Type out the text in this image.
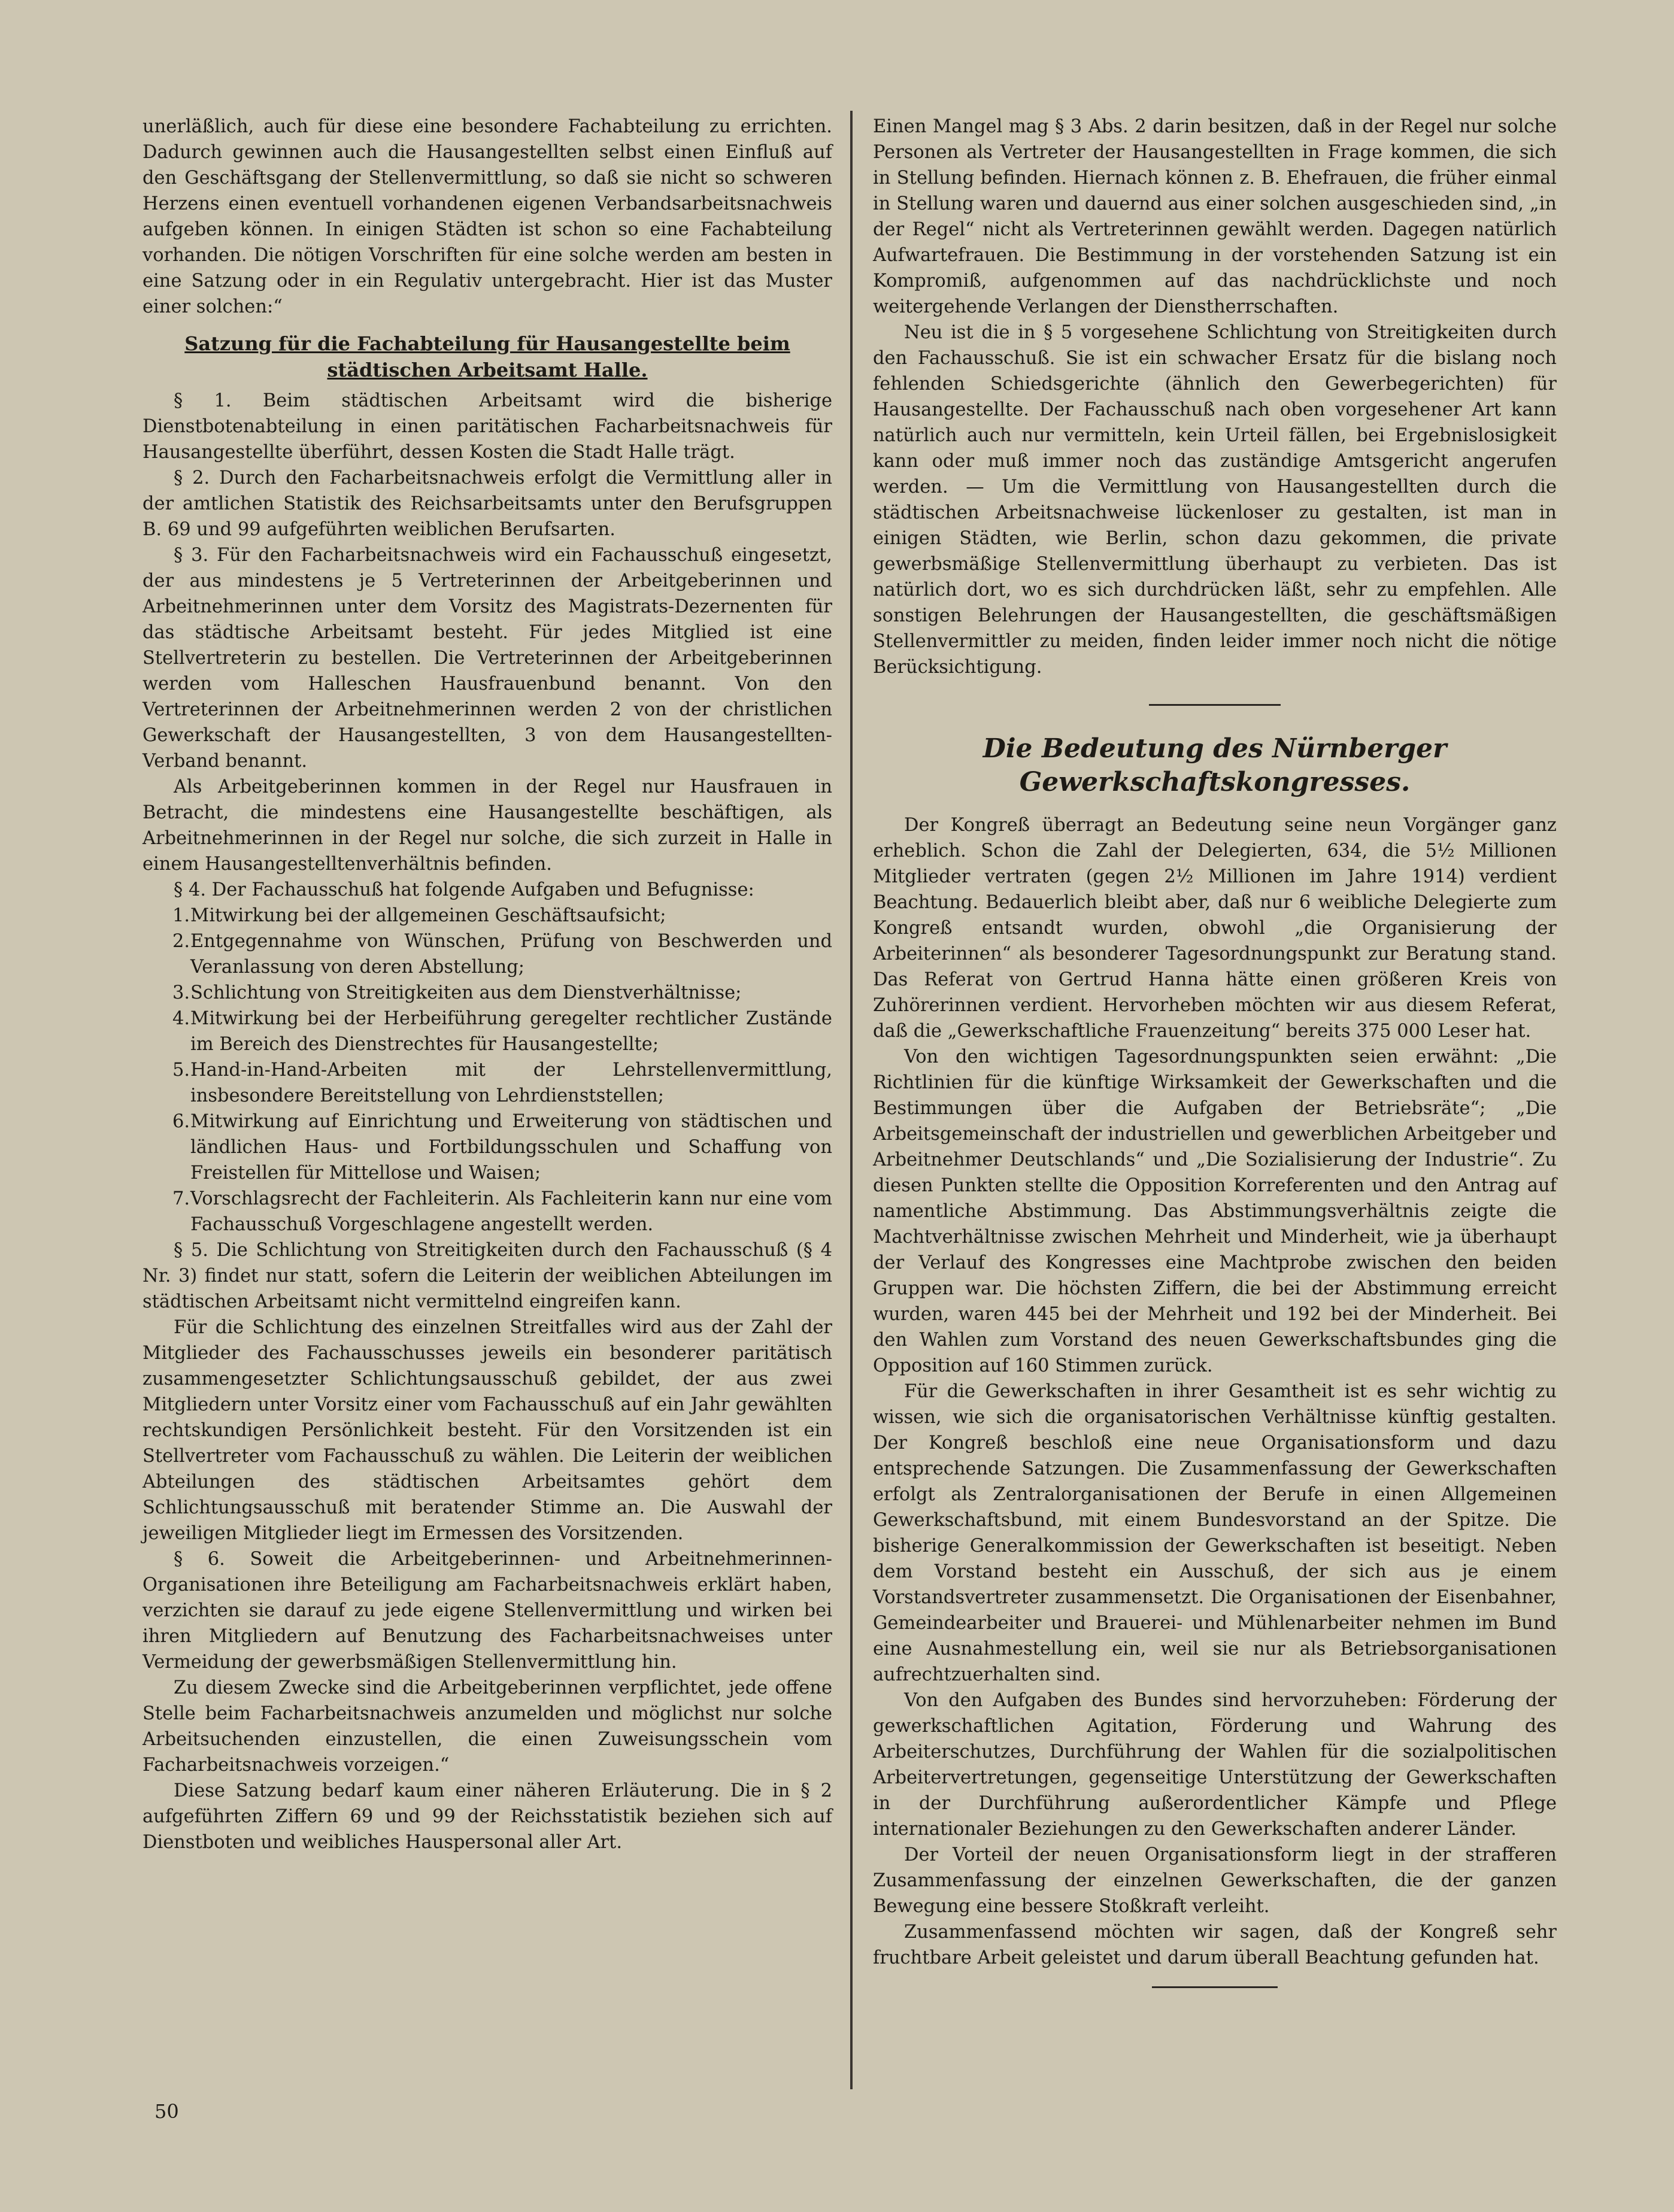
unerläßlich, auch für diese eine besondere Fachabteilung zu errichten. Dadurch gewinnen auch die Hausangestellten selbst einen Einfluß auf den Geschäftsgang der Stellenvermittlung, so daß sie nicht so schweren Herzens einen eventuell vorhandenen eigenen Verbandsarbeitsnachweis aufgeben können. In einigen Städten ist schon so eine Fachabteilung vorhanden. Die nötigen Vorschriften für eine solche werden am besten in eine Satzung oder in ein Regulativ untergebracht. Hier ist das Muster einer solchen:“

Satzung für die Fachabteilung für Hausangestellte beim städtischen Arbeitsamt Halle.

§ 1. Beim städtischen Arbeitsamt wird die bisherige Dienstbotenabteilung in einen paritätischen Facharbeitsnachweis für Hausangestellte überführt, dessen Kosten die Stadt Halle trägt.

§ 2. Durch den Facharbeitsnachweis erfolgt die Vermittlung aller in der amtlichen Statistik des Reichsarbeitsamts unter den Berufsgruppen B. 69 und 99 aufgeführten weiblichen Berufsarten.

§ 3. Für den Facharbeitsnachweis wird ein Fachausschuß eingesetzt, der aus mindestens je 5 Vertreterinnen der Arbeitgeberinnen und Arbeitnehmerinnen unter dem Vorsitz des Magistrats-Dezernenten für das städtische Arbeitsamt besteht. Für jedes Mitglied ist eine Stellvertreterin zu bestellen. Die Vertreterinnen der Arbeitgeberinnen werden vom Halleschen Hausfrauenbund benannt. Von den Vertreterinnen der Arbeitnehmerinnen werden 2 von der christlichen Gewerkschaft der Hausangestellten, 3 von dem Hausangestellten-Verband benannt.

Als Arbeitgeberinnen kommen in der Regel nur Hausfrauen in Betracht, die mindestens eine Hausangestellte beschäftigen, als Arbeitnehmerinnen in der Regel nur solche, die sich zurzeit in Halle in einem Hausangestelltenverhältnis befinden.

§ 4. Der Fachausschuß hat folgende Aufgaben und Befugnisse:

1. Mitwirkung bei der allgemeinen Geschäftsaufsicht;
2. Entgegennahme von Wünschen, Prüfung von Beschwerden und Veranlassung von deren Abstellung;
3. Schlichtung von Streitigkeiten aus dem Dienstverhältnisse;
4. Mitwirkung bei der Herbeiführung geregelter rechtlicher Zustände im Bereich des Dienstrechtes für Hausangestellte;
5. Hand-in-Hand-Arbeiten mit der Lehrstellenvermittlung, insbesondere Bereitstellung von Lehrdienststellen;
6. Mitwirkung auf Einrichtung und Erweiterung von städtischen und ländlichen Haus- und Fortbildungsschulen und Schaffung von Freistellen für Mittellose und Waisen;
7. Vorschlagsrecht der Fachleiterin. Als Fachleiterin kann nur eine vom Fachausschuß Vorgeschlagene angestellt werden.

§ 5. Die Schlichtung von Streitigkeiten durch den Fachausschuß (§ 4 Nr. 3) findet nur statt, sofern die Leiterin der weiblichen Abteilungen im städtischen Arbeitsamt nicht vermittelnd eingreifen kann.

Für die Schlichtung des einzelnen Streitfalles wird aus der Zahl der Mitglieder des Fachausschusses jeweils ein besonderer paritätisch zusammengesetzter Schlichtungsausschuß gebildet, der aus zwei Mitgliedern unter Vorsitz einer vom Fachausschuß auf ein Jahr gewählten rechtskundigen Persönlichkeit besteht. Für den Vorsitzenden ist ein Stellvertreter vom Fachausschuß zu wählen. Die Leiterin der weiblichen Abteilungen des städtischen Arbeitsamtes gehört dem Schlichtungsausschuß mit beratender Stimme an. Die Auswahl der jeweiligen Mitglieder liegt im Ermessen des Vorsitzenden.

§ 6. Soweit die Arbeitgeberinnen- und Arbeitnehmerinnen-Organisationen ihre Beteiligung am Facharbeitsnachweis erklärt haben, verzichten sie darauf zu jede eigene Stellenvermittlung und wirken bei ihren Mitgliedern auf Benutzung des Facharbeitsnachweises unter Vermeidung der gewerbsmäßigen Stellenvermittlung hin.

Zu diesem Zwecke sind die Arbeitgeberinnen verpflichtet, jede offene Stelle beim Facharbeitsnachweis anzumelden und möglichst nur solche Arbeitsuchenden einzustellen, die einen Zuweisungsschein vom Facharbeitsnachweis vorzeigen.“

Diese Satzung bedarf kaum einer näheren Erläuterung. Die in § 2 aufgeführten Ziffern 69 und 99 der Reichsstatistik beziehen sich auf Dienstboten und weibliches Hauspersonal aller Art.

Einen Mangel mag § 3 Abs. 2 darin besitzen, daß in der Regel nur solche Personen als Vertreter der Hausangestellten in Frage kommen, die sich in Stellung befinden. Hiernach können z. B. Ehefrauen, die früher einmal in Stellung waren und dauernd aus einer solchen ausgeschieden sind, „in der Regel“ nicht als Vertreterinnen gewählt werden. Dagegen natürlich Aufwartefrauen. Die Bestimmung in der vorstehenden Satzung ist ein Kompromiß, aufgenommen auf das nachdrücklichste und noch weitergehende Verlangen der Dienstherrschaften.

Neu ist die in § 5 vorgesehene Schlichtung von Streitigkeiten durch den Fachausschuß. Sie ist ein schwacher Ersatz für die bislang noch fehlenden Schiedsgerichte (ähnlich den Gewerbegerichten) für Hausangestellte. Der Fachausschuß nach oben vorgesehener Art kann natürlich auch nur vermitteln, kein Urteil fällen, bei Ergebnislosigkeit kann oder muß immer noch das zuständige Amtsgericht angerufen werden. — Um die Vermittlung von Hausangestellten durch die städtischen Arbeitsnachweise lückenloser zu gestalten, ist man in einigen Städten, wie Berlin, schon dazu gekommen, die private gewerbsmäßige Stellenvermittlung überhaupt zu verbieten. Das ist natürlich dort, wo es sich durchdrücken läßt, sehr zu empfehlen. Alle sonstigen Belehrungen der Hausangestellten, die geschäftsmäßigen Stellenvermittler zu meiden, finden leider immer noch nicht die nötige Berücksichtigung.

Die Bedeutung des Nürnberger Gewerkschaftskongresses.

Der Kongreß überragt an Bedeutung seine neun Vorgänger ganz erheblich. Schon die Zahl der Delegierten, 634, die 5½ Millionen Mitglieder vertraten (gegen 2½ Millionen im Jahre 1914) verdient Beachtung. Bedauerlich bleibt aber, daß nur 6 weibliche Delegierte zum Kongreß entsandt wurden, obwohl „die Organisierung der Arbeiterinnen“ als besonderer Tagesordnungspunkt zur Beratung stand. Das Referat von Gertrud Hanna hätte einen größeren Kreis von Zuhörerinnen verdient. Hervorheben möchten wir aus diesem Referat, daß die „Gewerkschaftliche Frauenzeitung“ bereits 375 000 Leser hat.

Von den wichtigen Tagesordnungspunkten seien erwähnt: „Die Richtlinien für die künftige Wirksamkeit der Gewerkschaften und die Bestimmungen über die Aufgaben der Betriebsräte“; „Die Arbeitsgemeinschaft der industriellen und gewerblichen Arbeitgeber und Arbeitnehmer Deutschlands“ und „Die Sozialisierung der Industrie“. Zu diesen Punkten stellte die Opposition Korreferenten und den Antrag auf namentliche Abstimmung. Das Abstimmungsverhältnis zeigte die Machtverhältnisse zwischen Mehrheit und Minderheit, wie ja überhaupt der Verlauf des Kongresses eine Machtprobe zwischen den beiden Gruppen war. Die höchsten Ziffern, die bei der Abstimmung erreicht wurden, waren 445 bei der Mehrheit und 192 bei der Minderheit. Bei den Wahlen zum Vorstand des neuen Gewerkschaftsbundes ging die Opposition auf 160 Stimmen zurück.

Für die Gewerkschaften in ihrer Gesamtheit ist es sehr wichtig zu wissen, wie sich die organisatorischen Verhältnisse künftig gestalten. Der Kongreß beschloß eine neue Organisationsform und dazu entsprechende Satzungen. Die Zusammenfassung der Gewerkschaften erfolgt als Zentralorganisationen der Berufe in einen Allgemeinen Gewerkschaftsbund, mit einem Bundesvorstand an der Spitze. Die bisherige Generalkommission der Gewerkschaften ist beseitigt. Neben dem Vorstand besteht ein Ausschuß, der sich aus je einem Vorstandsvertreter zusammensetzt. Die Organisationen der Eisenbahner, Gemeindearbeiter und Brauerei- und Mühlenarbeiter nehmen im Bund eine Ausnahmestellung ein, weil sie nur als Betriebsorganisationen aufrechtzuerhalten sind.

Von den Aufgaben des Bundes sind hervorzuheben: Förderung der gewerkschaftlichen Agitation, Förderung und Wahrung des Arbeiterschutzes, Durchführung der Wahlen für die sozialpolitischen Arbeitervertretungen, gegenseitige Unterstützung der Gewerkschaften in der Durchführung außerordentlicher Kämpfe und Pflege internationaler Beziehungen zu den Gewerkschaften anderer Länder.

Der Vorteil der neuen Organisationsform liegt in der strafferen Zusammenfassung der einzelnen Gewerkschaften, die der ganzen Bewegung eine bessere Stoßkraft verleiht.

Zusammenfassend möchten wir sagen, daß der Kongreß sehr fruchtbare Arbeit geleistet und darum überall Beachtung gefunden hat.

50
